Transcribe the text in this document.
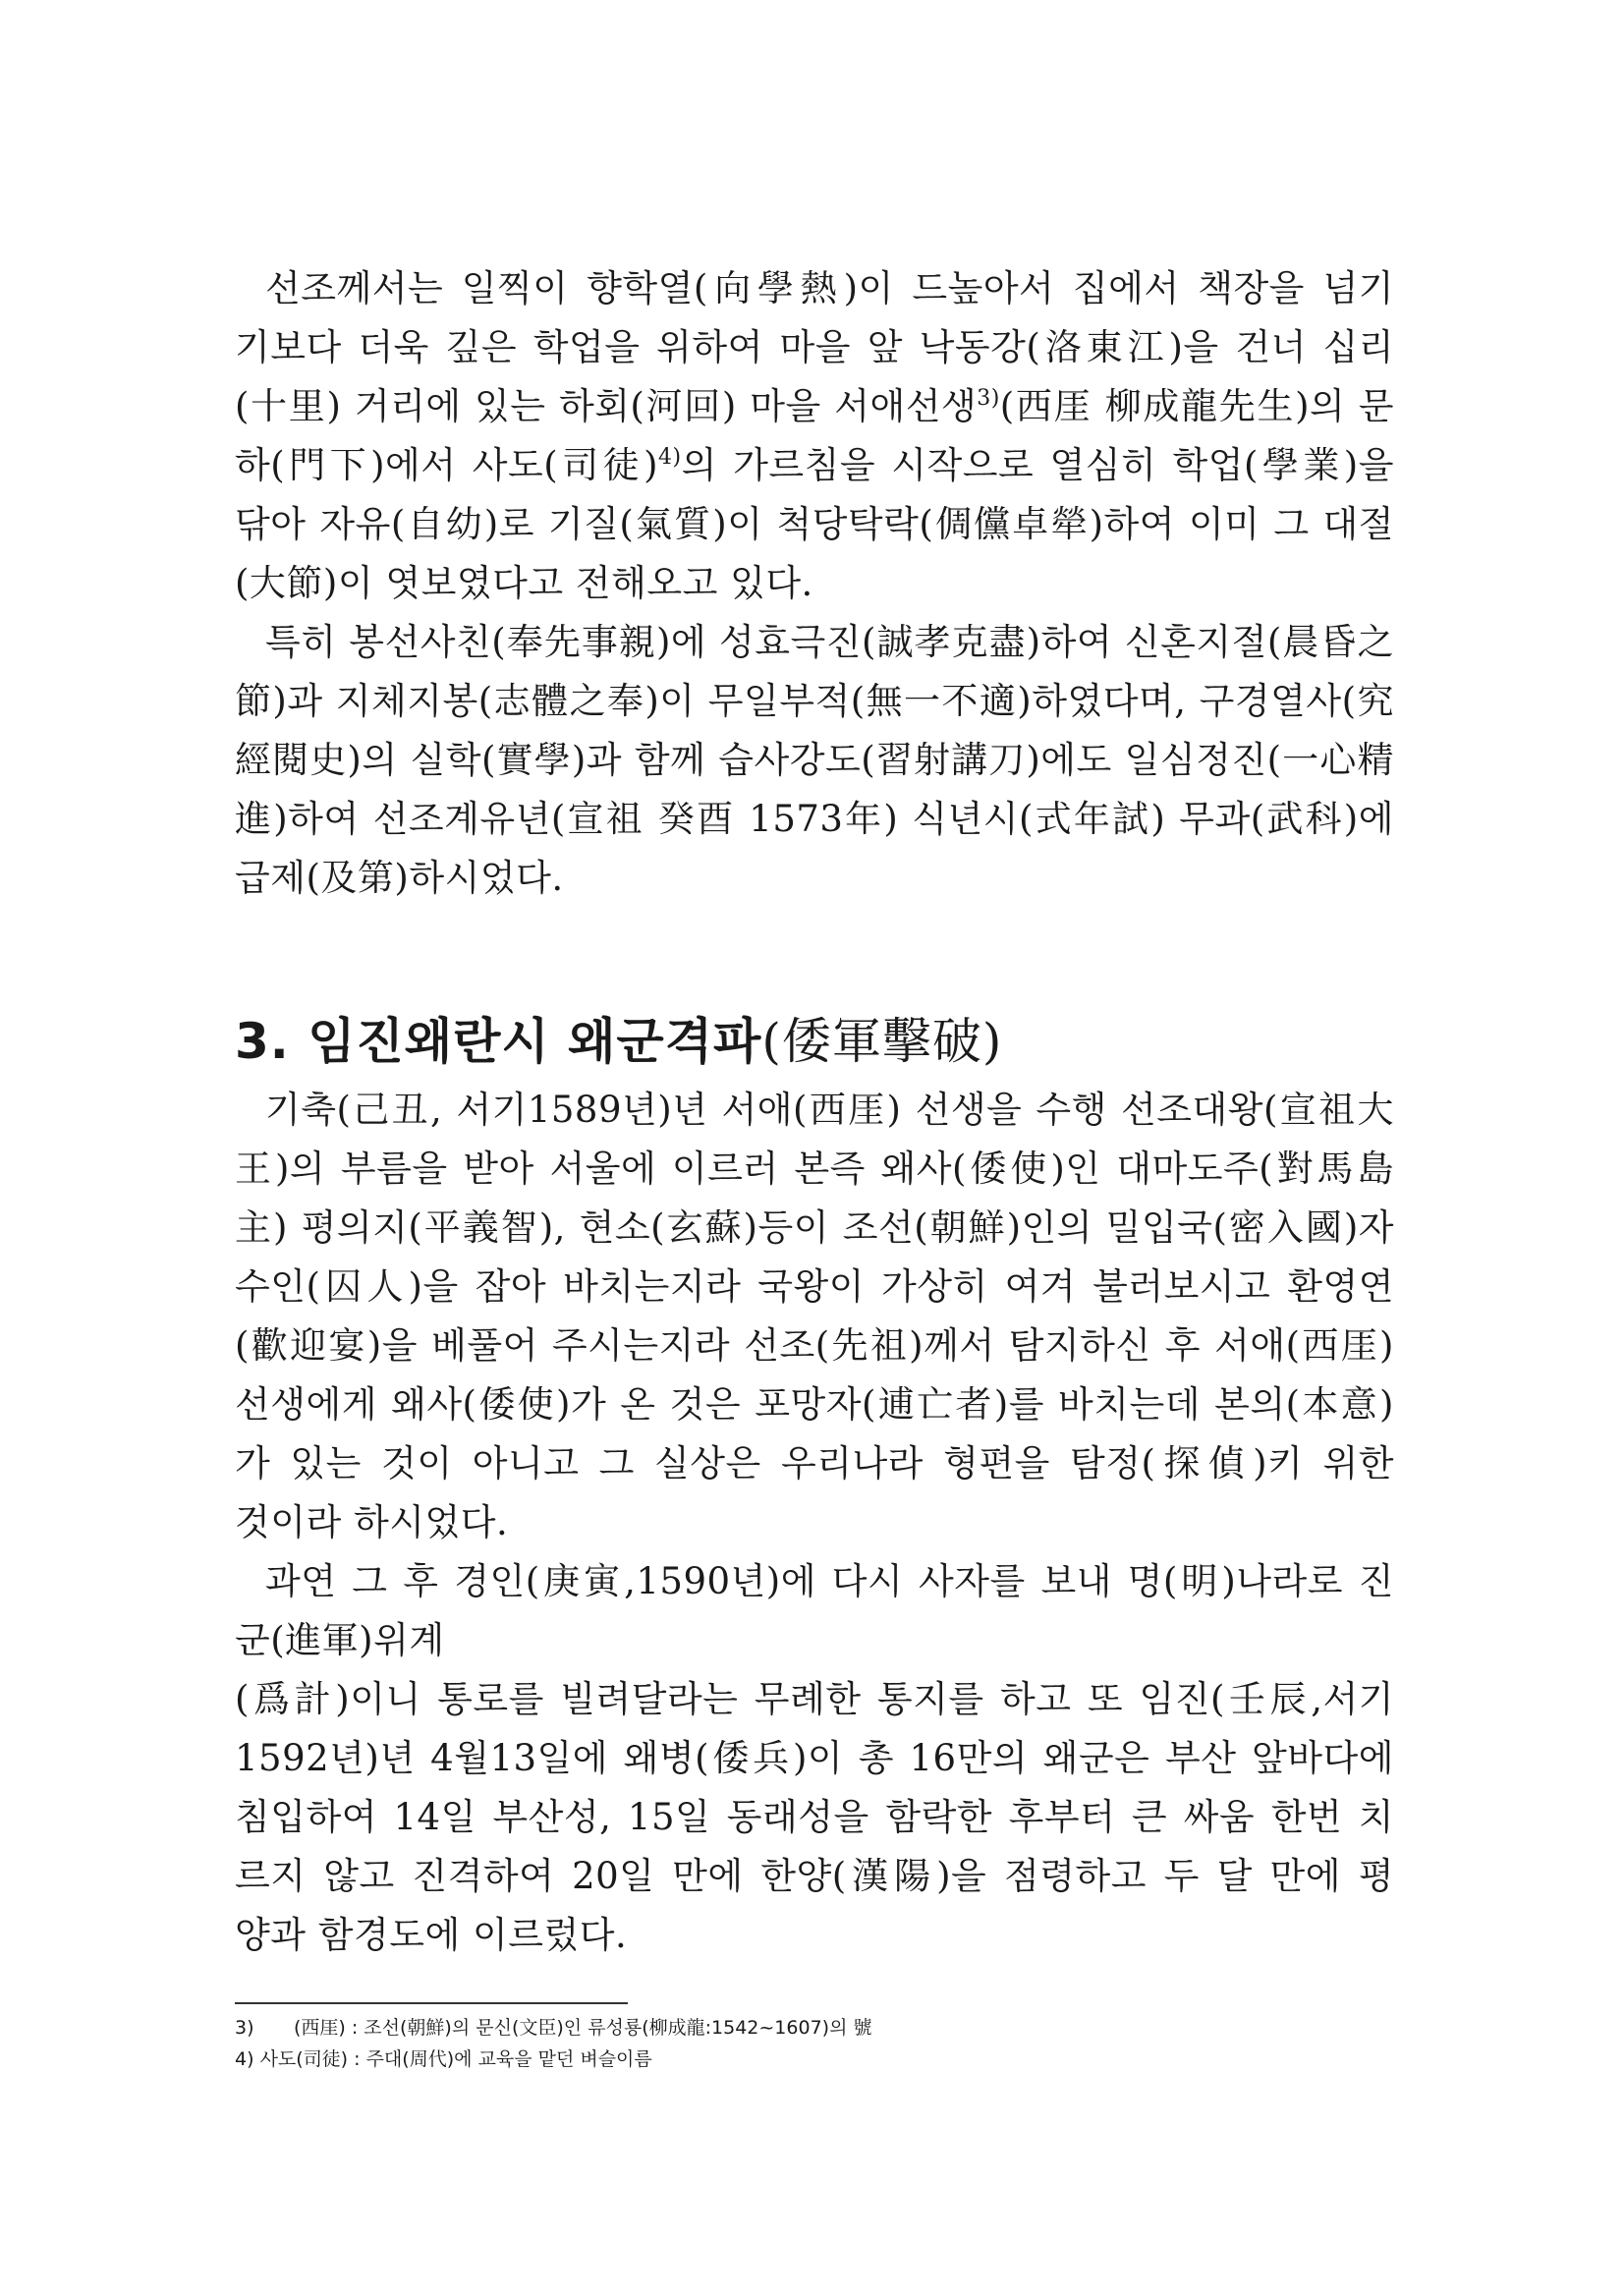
선조께서는 일찍이 향학열(向學熱)이 드높아서 집에서 책장을 넘기
기보다 더욱 깊은 학업을 위하여 마을 앞 낙동강(洛東江)을 건너 십리
(十里) 거리에 있는 하회(河回) 마을 서애선생$^{3)}$(西厓 柳成龍先生)의 문
하(門下)에서 사도(司徒)$^{4)}$의 가르침을 시작으로 열심히 학업(學業)을
닦아 자유(自幼)로 기질(氣質)이 척당탁락(倜儻卓犖)하여 이미 그 대절
(大節)이 엿보였다고 전해오고 있다.
특히 봉선사친(奉先事親)에 성효극진(誠孝克盡)하여 신혼지절(晨昏之
節)과 지체지봉(志體之奉)이 무일부적(無一不適)하였다며, 구경열사(究
經閱史)의 실학(實學)과 함께 습사강도(習射講刀)에도 일심정진(一心精
進)하여 선조계유년(宣祖 癸酉 1573年) 식년시(式年試) 무과(武科)에
급제(及第)하시었다.
3. 임진왜란시 왜군격파(倭軍擊破)
기축(己丑, 서기1589년)년 서애(西厓) 선생을 수행 선조대왕(宣祖大
王)의 부름을 받아 서울에 이르러 본즉 왜사(倭使)인 대마도주(對馬島
主) 평의지(平義智), 현소(玄蘇)등이 조선(朝鮮)인의 밀입국(密入國)자
수인(囚人)을 잡아 바치는지라 국왕이 가상히 여겨 불러보시고 환영연
(歡迎宴)을 베풀어 주시는지라 선조(先祖)께서 탐지하신 후 서애(西厓)
선생에게 왜사(倭使)가 온 것은 포망자(逋亡者)를 바치는데 본의(本意)
가 있는 것이 아니고 그 실상은 우리나라 형편을 탐정(探偵)키 위한
것이라 하시었다.
과연 그 후 경인(庚寅,1590년)에 다시 사자를 보내 명(明)나라로 진
군(進軍)위계
(爲計)이니 통로를 빌려달라는 무례한 통지를 하고 또 임진(壬辰,서기
1592년)년 4월13일에 왜병(倭兵)이 총 16만의 왜군은 부산 앞바다에
침입하여 14일 부산성, 15일 동래성을 함락한 후부터 큰 싸움 한번 치
르지 않고 진격하여 20일 만에 한양(漢陽)을 점령하고 두 달 만에 평
양과 함경도에 이르렀다.
3) (西厓) : 조선(朝鮮)의 문신(文臣)인 류성룡(柳成龍:1542~1607)의 號
4) 사도(司徒) : 주대(周代)에 교육을 맡던 벼슬이름
